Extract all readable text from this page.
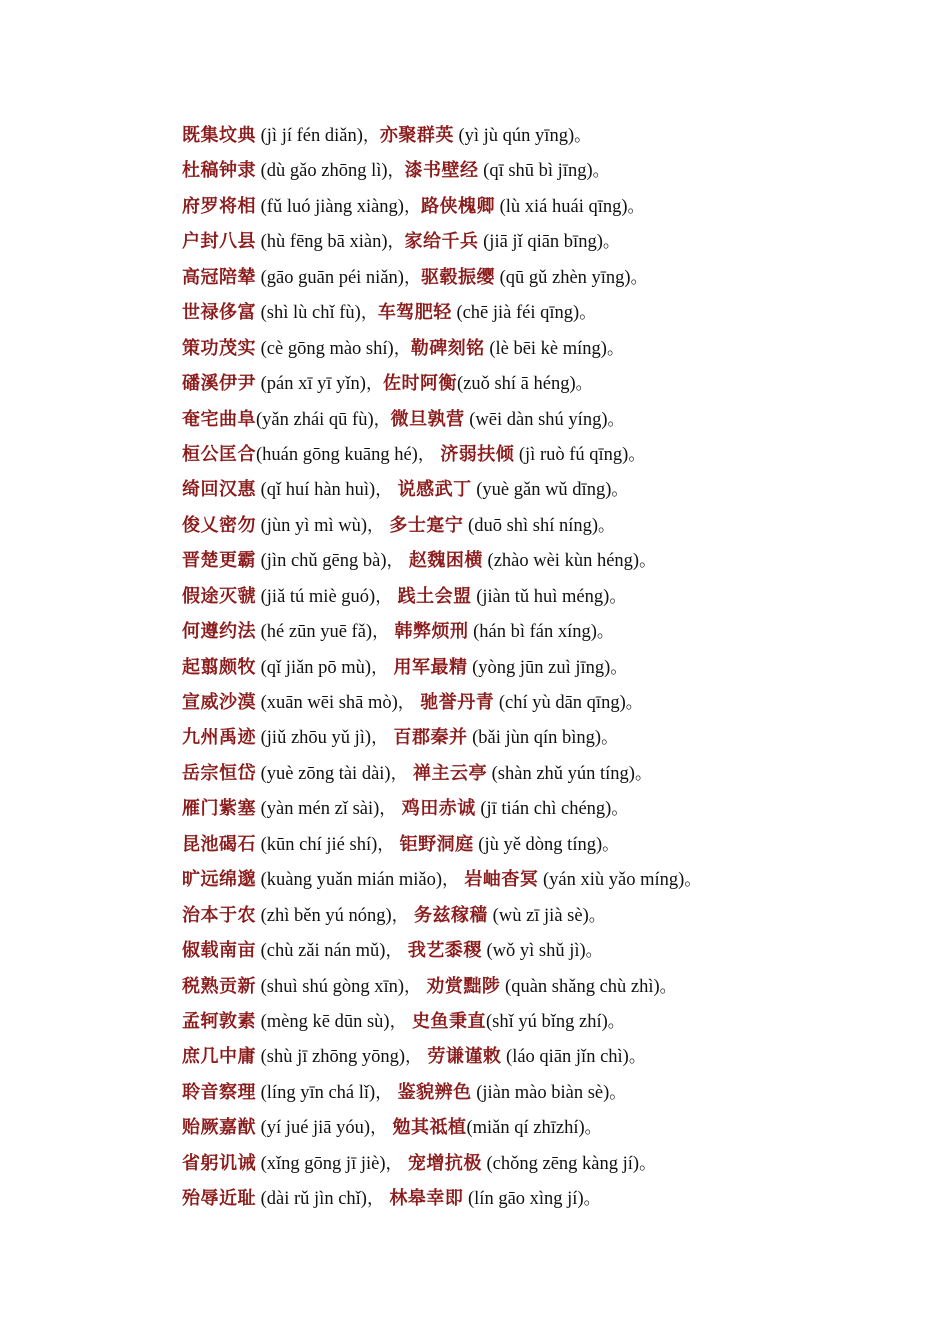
既集坟典 (jì jí fén diǎn)，亦聚群英 (yì jù qún yīng)。
杜稿钟隶 (dù gǎo zhōng lì)，漆书壁经 (qī shū bì jīng)。
府罗将相 (fǔ luó jiàng xiàng)，路侠槐卿 (lù xiá huái qīng)。
户封八县 (hù fēng bā xiàn)，家给千兵 (jiā jǐ qiān bīng)。
高冠陪辇 (gāo guān péi niǎn)，驱毂振缨 (qū gǔ zhèn yīng)。
世禄侈富 (shì lù chǐ fù)，车驾肥轻 (chē jià féi qīng)。
策功茂实 (cè gōng mào shí)，勒碑刻铭 (lè bēi kè míng)。
磻溪伊尹 (pán xī yī yǐn)，佐时阿衡(zuǒ shí ā héng)。
奄宅曲阜(yǎn zhái qū fù)，微旦孰营 (wēi dàn shú yíng)。
桓公匡合(huán gōng kuāng hé)， 济弱扶倾 (jì ruò fú qīng)。
绮回汉惠 (qǐ huí hàn huì)， 说感武丁 (yuè gǎn wǔ dīng)。
俊乂密勿 (jùn yì mì wù)， 多士寔宁 (duō shì shí níng)。
晋楚更霸 (jìn chǔ gēng bà)， 赵魏困横 (zhào wèi kùn héng)。
假途灭虢 (jiǎ tú miè guó)， 践土会盟 (jiàn tǔ huì méng)。
何遵约法 (hé zūn yuē fǎ)， 韩弊烦刑 (hán bì fán xíng)。
起翦颇牧 (qǐ jiǎn pō mù)， 用军最精 (yòng jūn zuì jīng)。
宣威沙漠 (xuān wēi shā mò)， 驰誉丹青 (chí yù dān qīng)。
九州禹迹 (jiǔ zhōu yǔ jì)， 百郡秦并 (bǎi jùn qín bìng)。
岳宗恒岱 (yuè zōng tài dài)， 禅主云亭 (shàn zhǔ yún tíng)。
雁门紫塞 (yàn mén zǐ sài)， 鸡田赤诚 (jī tián chì chéng)。
昆池碣石 (kūn chí jié shí)， 钜野洞庭 (jù yě dòng tíng)。
旷远绵邈 (kuàng yuǎn mián miǎo)， 岩岫杳冥 (yán xiù yǎo míng)。
治本于农 (zhì běn yú nóng)， 务兹稼穑 (wù zī jià sè)。
俶载南亩 (chù zǎi nán mǔ)， 我艺黍稷 (wǒ yì shǔ jì)。
税熟贡新 (shuì shú gòng xīn)， 劝赏黜陟 (quàn shǎng chù zhì)。
孟轲敦素 (mèng kē dūn sù)， 史鱼秉直(shǐ yú bǐng zhí)。
庶几中庸 (shù jī zhōng yōng)， 劳谦谨敕 (láo qiān jǐn chì)。
聆音察理 (líng yīn chá lǐ)， 鉴貌辨色 (jiàn mào biàn sè)。
贻厥嘉猷 (yí jué jiā yóu)， 勉其祗植(miǎn qí zhīzhí)。
省躬讥诫 (xǐng gōng jī jiè)， 宠增抗极 (chǒng zēng kàng jí)。
殆辱近耻 (dài rǔ jìn chǐ)， 林皋幸即 (lín gāo xìng jí)。
